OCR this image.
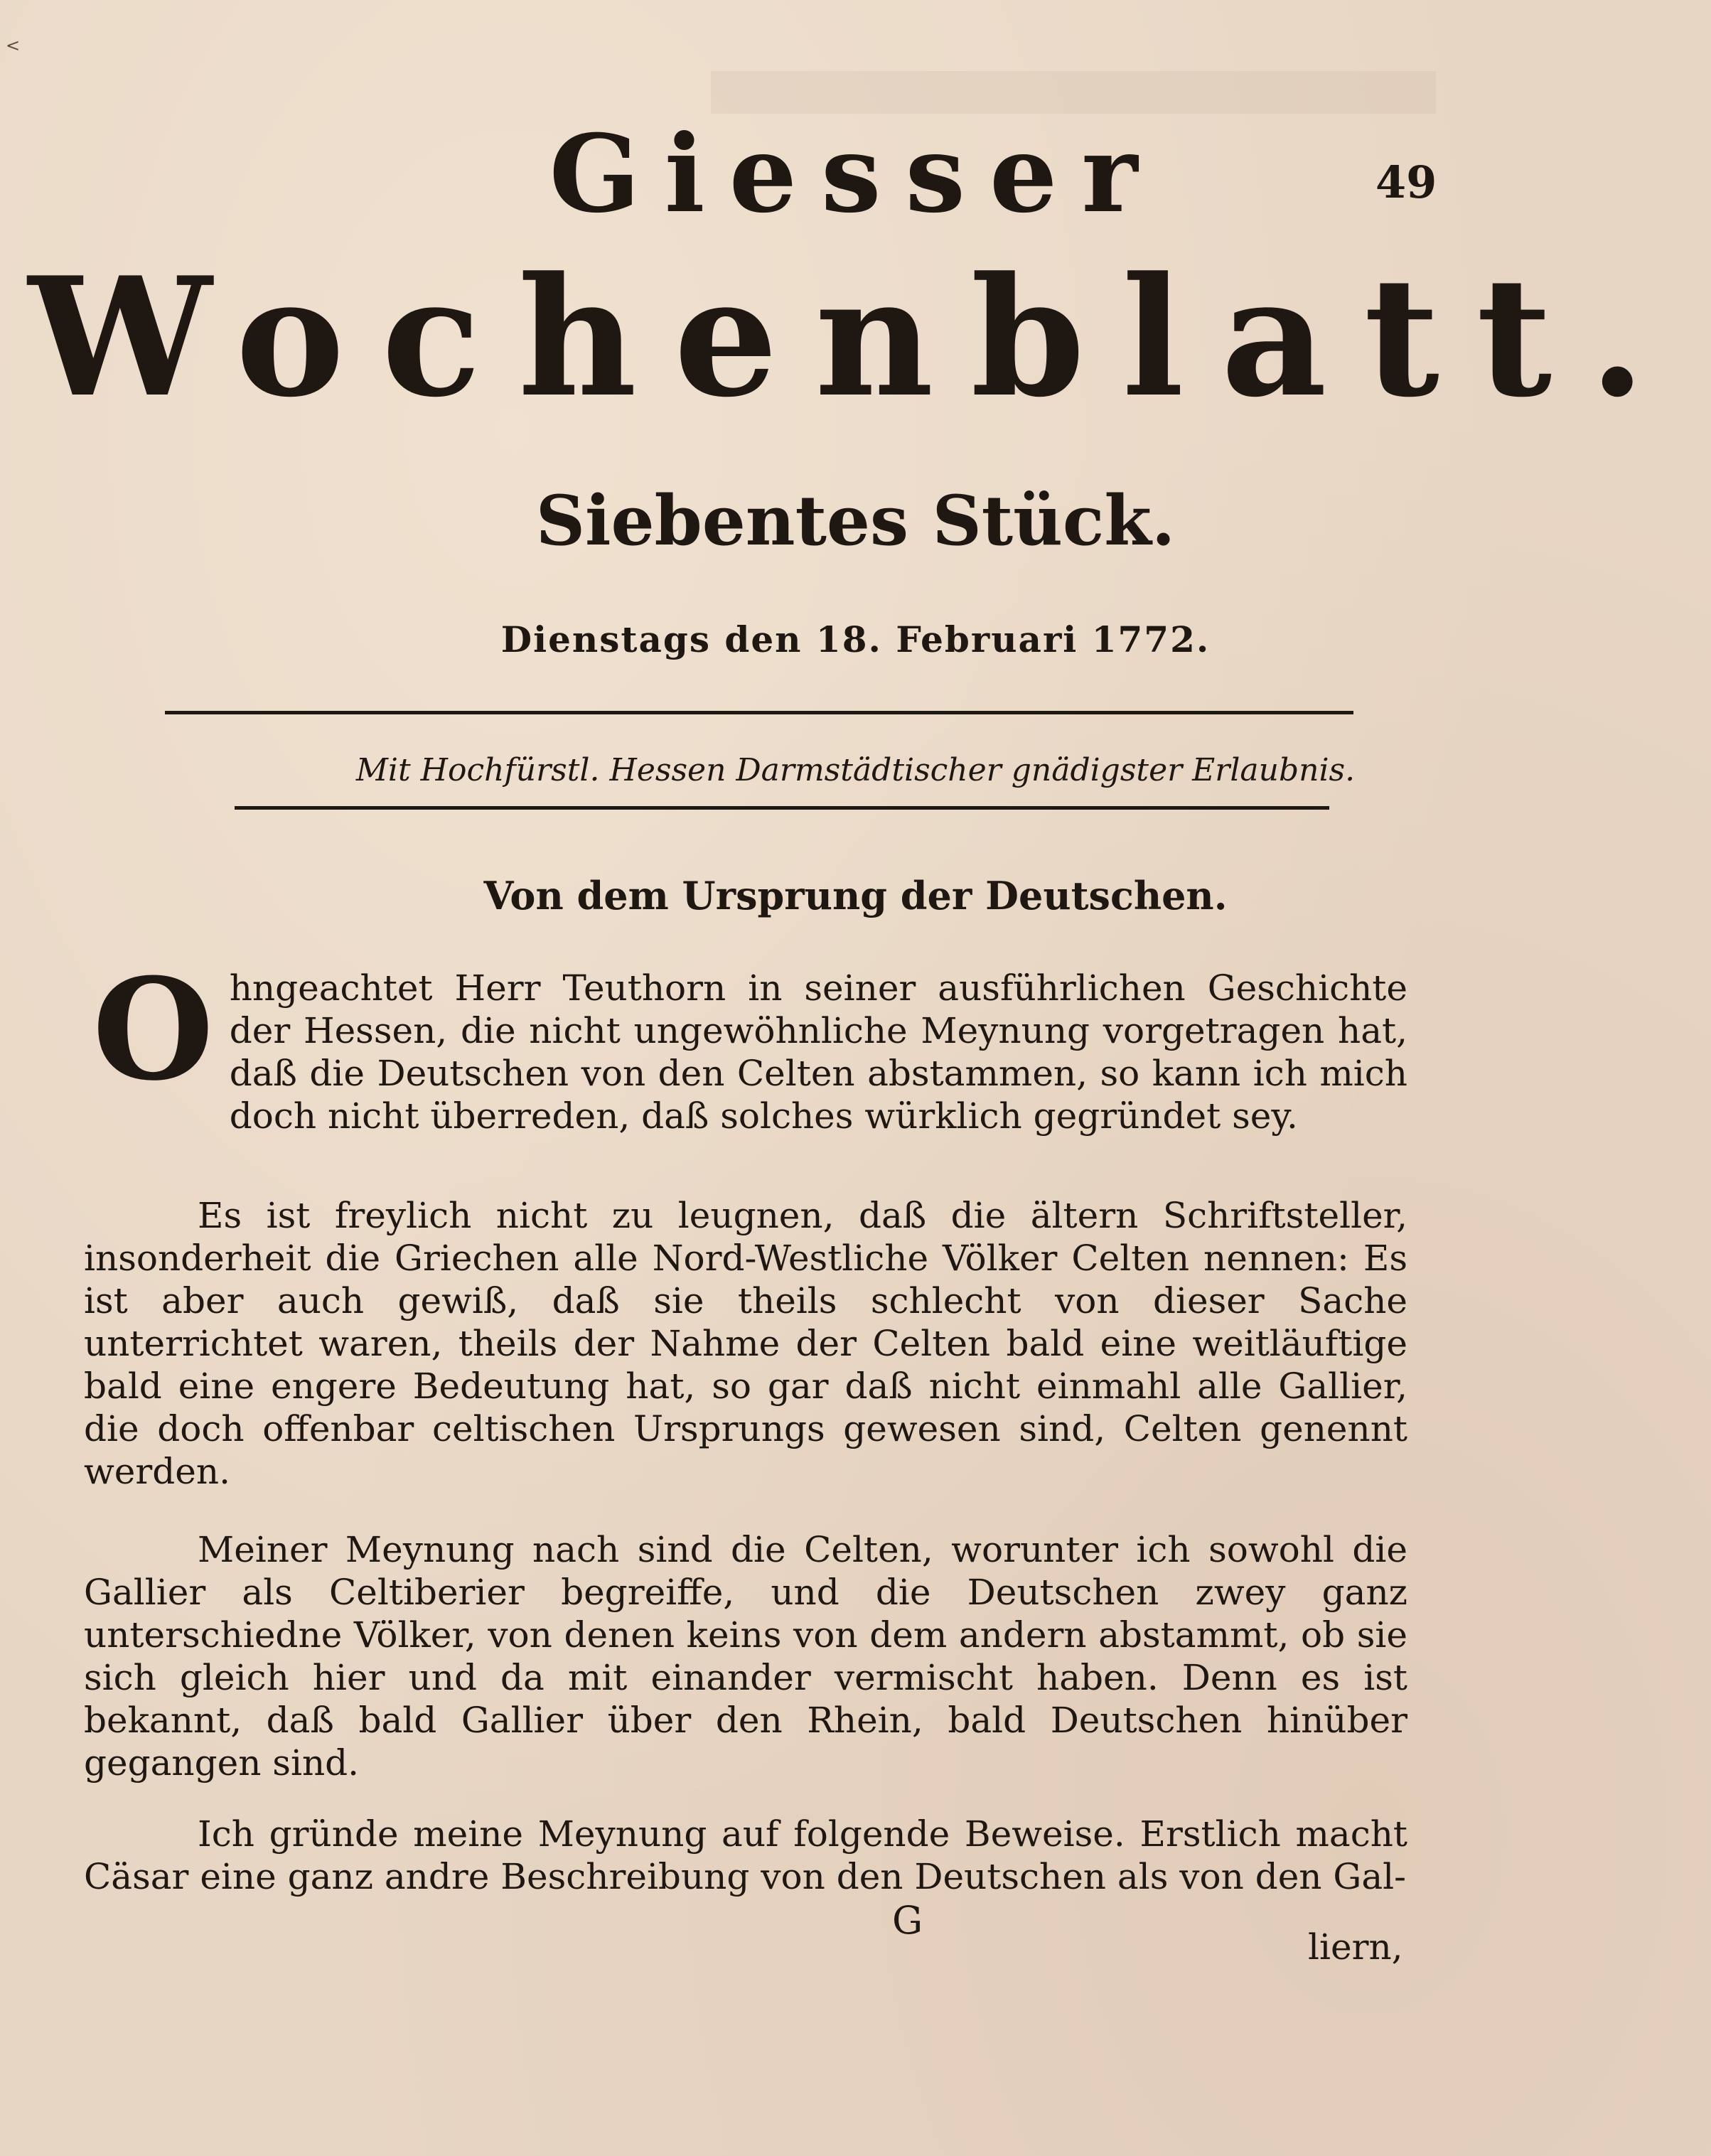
<
49
Giesser
Wochenblatt.
Siebentes Stück.
Dienstags den 18. Februari 1772.
Mit Hochfürstl. Hessen Darmstädtischer gnädigster Erlaubnis.
Von dem Ursprung der Deutschen.
Ohngeachtet Herr Teuthorn in seiner ausführlichen Geschichte der Hessen, die nicht ungewöhnliche Meynung vorgetragen hat, daß die Deutschen von den Celten abstammen, so kann ich mich doch nicht überreden, daß solches würklich gegründet sey.
Es ist freylich nicht zu leugnen, daß die ältern Schriftsteller, insonderheit die Griechen alle Nord-Westliche Völker Celten nennen: Es ist aber auch gewiß, daß sie theils schlecht von dieser Sache unterrichtet waren, theils der Nahme der Celten bald eine weitläuftige bald eine engere Bedeutung hat, so gar daß nicht einmahl alle Gallier, die doch offenbar celtischen Ursprungs gewesen sind, Celten genennt werden.
Meiner Meynung nach sind die Celten, worunter ich sowohl die Gallier als Celtiberier begreiffe, und die Deutschen zwey ganz unterschiedne Völker, von denen keins von dem andern abstammt, ob sie sich gleich hier und da mit einander vermischt haben. Denn es ist bekannt, daß bald Gallier über den Rhein, bald Deutschen hinüber gegangen sind.
Ich gründe meine Meynung auf folgende Beweise. Erstlich macht Cäsar eine ganz andre Beschreibung von den Deutschen als von den Gal-
G
liern,
